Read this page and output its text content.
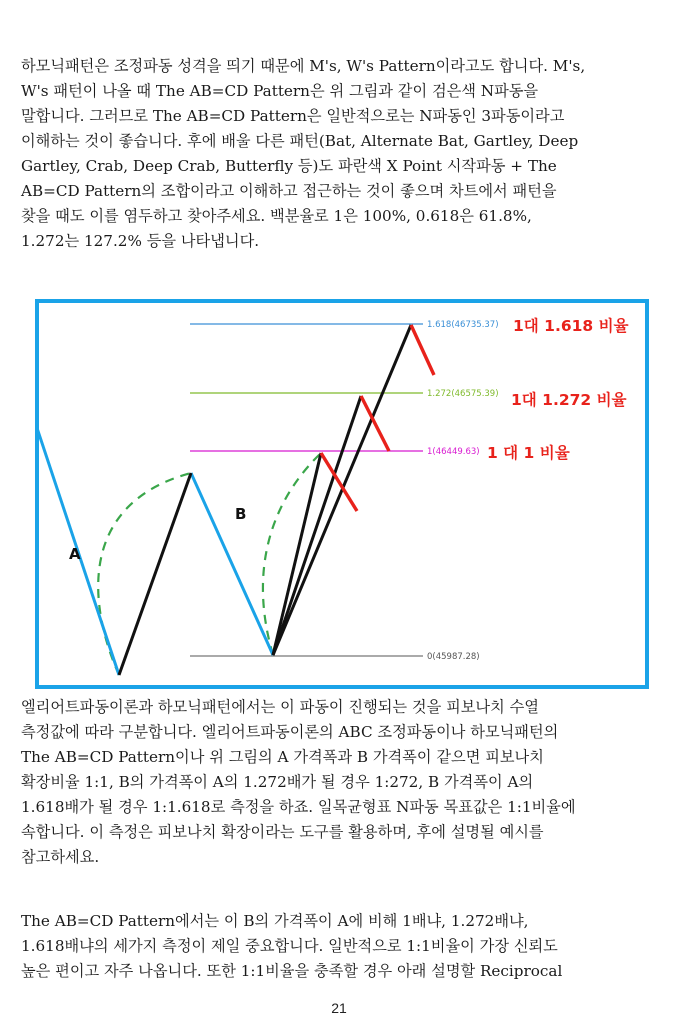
하모닉패턴은 조정파동 성격을 띄기 때문에 M's, W's Pattern이라고도 합니다. M's,
W's 패턴이 나올 때 The AB=CD Pattern은 위 그림과 같이 검은색 N파동을
말합니다. 그러므로 The AB=CD Pattern은 일반적으로는 N파동인 3파동이라고
이해하는 것이 좋습니다. 후에 배울 다른 패턴(Bat, Alternate Bat, Gartley, Deep
Gartley, Crab, Deep Crab, Butterfly 등)도 파란색 X Point 시작파동 + The
AB=CD Pattern의 조합이라고 이해하고 접근하는 것이 좋으며 차트에서 패턴을
찾을 때도 이를 염두하고 찾아주세요. 백분율로 1은 100%, 0.618은 61.8%,
1.272는 127.2% 등을 나타냅니다.
1.618(46735.37)
1.272(46575.39)
1(46449.63)
0(45987.28)
1대 1.618 비율
1대 1.272 비율
1 대 1 비율
A
B
엘리어트파동이론과 하모닉패턴에서는 이 파동이 진행되는 것을 피보나치 수열
측정값에 따라 구분합니다. 엘리어트파동이론의 ABC 조정파동이나 하모닉패턴의
The AB=CD Pattern이나 위 그림의 A 가격폭과 B 가격폭이 같으면 피보나치
확장비율 1:1, B의 가격폭이 A의 1.272배가 될 경우 1:272, B 가격폭이 A의
1.618배가 될 경우 1:1.618로 측정을 하죠. 일목균형표 N파동 목표값은 1:1비율에
속합니다. 이 측정은 피보나치 확장이라는 도구를 활용하며, 후에 설명될 예시를
참고하세요.
The AB=CD Pattern에서는 이 B의 가격폭이 A에 비해 1배냐, 1.272배냐,
1.618배냐의 세가지 측정이 제일 중요합니다. 일반적으로 1:1비율이 가장 신뢰도
높은 편이고 자주 나옵니다. 또한 1:1비율을 충족할 경우 아래 설명할 Reciprocal
21
